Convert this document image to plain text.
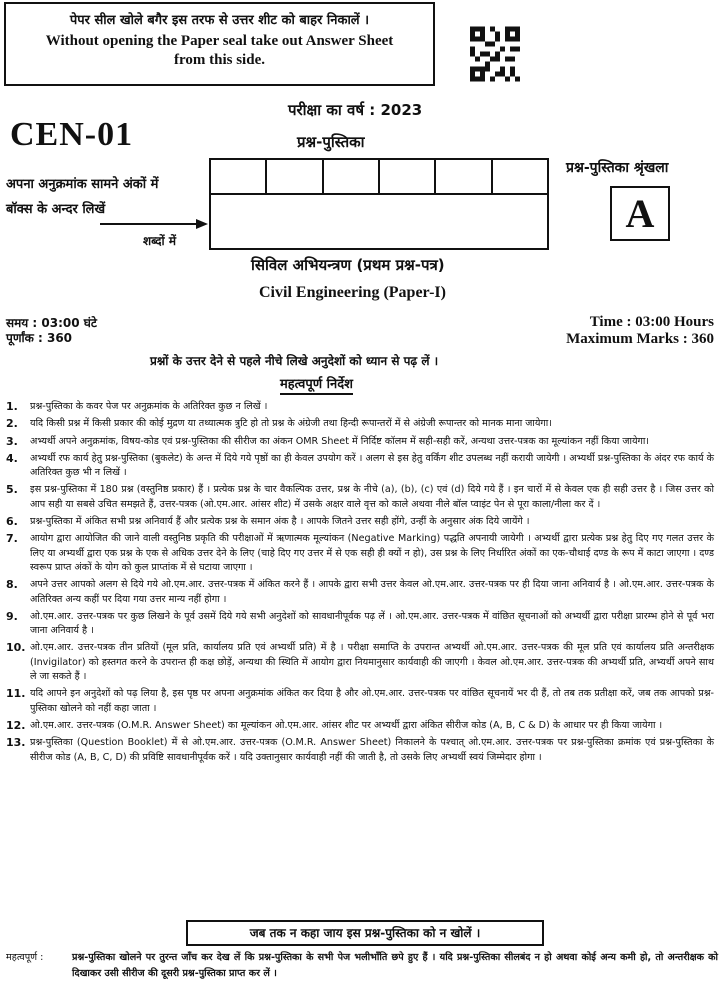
पेपर सील खोले बगैर इस तरफ से उत्तर शीट को बाहर निकालें ।
Without opening the Paper seal take out Answer Sheet
from this side.
परीक्षा का वर्ष : 2023
CEN-01	प्रश्न-पुस्तिका
अपना अनुक्रमांक सामने अंकों में
बॉक्स के अन्दर लिखें
शब्दों में
प्रश्न-पुस्तिका श्रृंखला
A
सिविल अभियन्त्रण (प्रथम प्रश्न-पत्र)
Civil Engineering (Paper-I)
समय : 03:00 घंटे
पूर्णांक : 360
Time : 03:00 Hours
Maximum Marks : 360
प्रश्नों के उत्तर देने से पहले नीचे लिखे अनुदेशों को ध्यान से पढ़ लें ।
महत्वपूर्ण निर्देश
1.	प्रश्न-पुस्तिका के कवर पेज पर अनुक्रमांक के अतिरिक्त कुछ न लिखें ।
2.	यदि किसी प्रश्न में किसी प्रकार की कोई मुद्रण या तथ्यात्मक त्रुटि हो तो प्रश्न के अंग्रेजी तथा हिन्दी रूपान्तरों में से अंग्रेजी रूपान्तर को मानक माना जायेगा।
3.	अभ्यर्थी अपने अनुक्रमांक, विषय-कोड एवं प्रश्न-पुस्तिका की सीरीज का अंकन OMR Sheet में निर्दिष्ट कॉलम में सही-सही करें, अन्यथा उत्तर-पत्रक का मूल्यांकन नहीं किया जायेगा।
4.	अभ्यर्थी रफ कार्य हेतु प्रश्न-पुस्तिका (बुकलेट) के अन्त में दिये गये पृष्ठों का ही केवल उपयोग करें । अलग से इस हेतु वर्किंग शीट उपलब्ध नहीं करायी जायेगी । अभ्यर्थी प्रश्न-पुस्तिका के अंदर रफ कार्य के अतिरिक्त कुछ भी न लिखें ।
5.	इस प्रश्न-पुस्तिका में 180 प्रश्न (वस्तुनिष्ठ प्रकार) हैं । प्रत्येक प्रश्न के चार वैकल्पिक उत्तर, प्रश्न के नीचे (a), (b), (c) एवं (d) दिये गये हैं । इन चारों में से केवल एक ही सही उत्तर है । जिस उत्तर को आप सही या सबसे उचित समझते हैं, उत्तर-पत्रक (ओ.एम.आर. आंसर शीट) में उसके अक्षर वाले वृत्त को काले अथवा नीले बॉल प्वाइंट पेन से पूरा काला/नीला कर दें ।
6.	प्रश्न-पुस्तिका में अंकित सभी प्रश्न अनिवार्य हैं और प्रत्येक प्रश्न के समान अंक है । आपके जितने उत्तर सही होंगे, उन्हीं के अनुसार अंक दिये जायेंगे ।
7.	आयोग द्वारा आयोजित की जाने वाली वस्तुनिष्ठ प्रकृति की परीक्षाओं में ऋणात्मक मूल्यांकन (Negative Marking) पद्धति अपनायी जायेगी । अभ्यर्थी द्वारा प्रत्येक प्रश्न हेतु दिए गए गलत उत्तर के लिए या अभ्यर्थी द्वारा एक प्रश्न के एक से अधिक उत्तर देने के लिए (चाहे दिए गए उत्तर में से एक सही ही क्यों न हो), उस प्रश्न के लिए निर्धारित अंकों का एक-चौथाई दण्ड के रूप में काटा जाएगा । दण्ड स्वरूप प्राप्त अंकों के योग को कुल प्राप्तांक में से घटाया जाएगा ।
8.	अपने उत्तर आपको अलग से दिये गये ओ.एम.आर. उत्तर-पत्रक में अंकित करने हैं । आपके द्वारा सभी उत्तर केवल ओ.एम.आर. उत्तर-पत्रक पर ही दिया जाना अनिवार्य है । ओ.एम.आर. उत्तर-पत्रक के अतिरिक्त अन्य कहीं पर दिया गया उत्तर मान्य नहीं होगा ।
9.	ओ.एम.आर. उत्तर-पत्रक पर कुछ लिखने के पूर्व उसमें दिये गये सभी अनुदेशों को सावधानीपूर्वक पढ़ लें । ओ.एम.आर. उत्तर-पत्रक में वांछित सूचनाओं को अभ्यर्थी द्वारा परीक्षा प्रारम्भ होने से पूर्व भरा जाना अनिवार्य है ।
10. ओ.एम.आर. उत्तर-पत्रक तीन प्रतियों (मूल प्रति, कार्यालय प्रति एवं अभ्यर्थी प्रति) में है । परीक्षा समाप्ति के उपरान्त अभ्यर्थी ओ.एम.आर. उत्तर-पत्रक की मूल प्रति एवं कार्यालय प्रति अन्तरीक्षक (Invigilator) को हस्तगत करने के उपरान्त ही कक्ष छोड़ें, अन्यथा की स्थिति में आयोग द्वारा नियमानुसार कार्यवाही की जाएगी । केवल ओ.एम.आर. उत्तर-पत्रक की अभ्यर्थी प्रति, अभ्यर्थी अपने साथ ले जा सकते हैं ।
11. यदि आपने इन अनुदेशों को पढ़ लिया है, इस पृष्ठ पर अपना अनुक्रमांक अंकित कर दिया है और ओ.एम.आर. उत्तर-पत्रक पर वांछित सूचनायें भर दी हैं, तो तब तक प्रतीक्षा करें, जब तक आपको प्रश्न-पुस्तिका खोलने को नहीं कहा जाता ।
12. ओ.एम.आर. उत्तर-पत्रक (O.M.R. Answer Sheet) का मूल्यांकन ओ.एम.आर. आंसर शीट पर अभ्यर्थी द्वारा अंकित सीरीज कोड (A, B, C & D) के आधार पर ही किया जायेगा ।
13. प्रश्न-पुस्तिका (Question Booklet) में से ओ.एम.आर. उत्तर-पत्रक (O.M.R. Answer Sheet) निकालने के पश्चात् ओ.एम.आर. उत्तर-पत्रक पर प्रश्न-पुस्तिका क्रमांक एवं प्रश्न-पुस्तिका के सीरीज कोड (A, B, C, D) की प्रविष्टि सावधानीपूर्वक करें । यदि उक्तानुसार कार्यवाही नहीं की जाती है, तो उसके लिए अभ्यर्थी स्वयं जिम्मेदार होगा ।
जब तक न कहा जाय इस प्रश्न-पुस्तिका को न खोलें ।
महत्वपूर्ण :	प्रश्न-पुस्तिका खोलने पर तुरन्त जाँच कर देख लें कि प्रश्न-पुस्तिका के सभी पेज भलीभाँति छपे हुए हैं । यदि प्रश्न-पुस्तिका सीलबंद न हो अथवा कोई अन्य कमी हो, तो अन्तरीक्षक को दिखाकर उसी सीरीज की दूसरी प्रश्न-पुस्तिका प्राप्त कर लें ।
